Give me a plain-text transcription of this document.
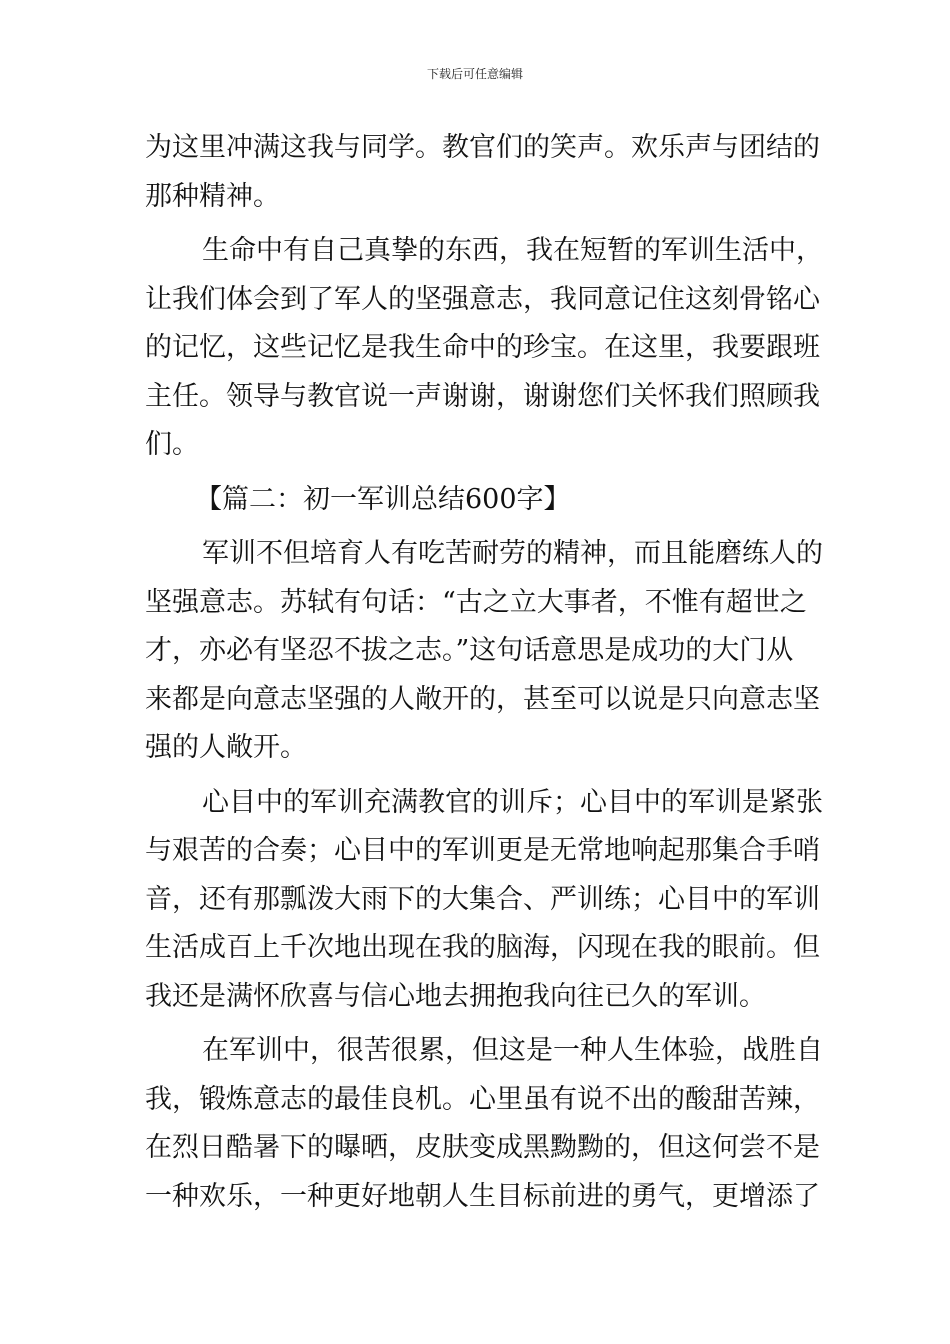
下载后可任意编辑
为这里冲满这我与同学。教官们的笑声。欢乐声与团结的
那种精神。
生命中有自己真挚的东西，我在短暂的军训生活中，
让我们体会到了军人的坚强意志，我同意记住这刻骨铭心
的记忆，这些记忆是我生命中的珍宝。在这里，我要跟班
主任。领导与教官说一声谢谢，谢谢您们关怀我们照顾我
们。
【篇二：初一军训总结600字】
军训不但培育人有吃苦耐劳的精神，而且能磨练人的
坚强意志。苏轼有句话：“古之立大事者，不惟有超世之
才，亦必有坚忍不拔之志。”这句话意思是成功的大门从
来都是向意志坚强的人敞开的，甚至可以说是只向意志坚
强的人敞开。
心目中的军训充满教官的训斥；心目中的军训是紧张
与艰苦的合奏；心目中的军训更是无常地响起那集合手哨
音，还有那瓢泼大雨下的大集合、严训练；心目中的军训
生活成百上千次地出现在我的脑海，闪现在我的眼前。但
我还是满怀欣喜与信心地去拥抱我向往已久的军训。
在军训中，很苦很累，但这是一种人生体验，战胜自
我，锻炼意志的最佳良机。心里虽有说不出的酸甜苦辣，
在烈日酷暑下的曝晒，皮肤变成黑黝黝的，但这何尝不是
一种欢乐，一种更好地朝人生目标前进的勇气，更增添了
